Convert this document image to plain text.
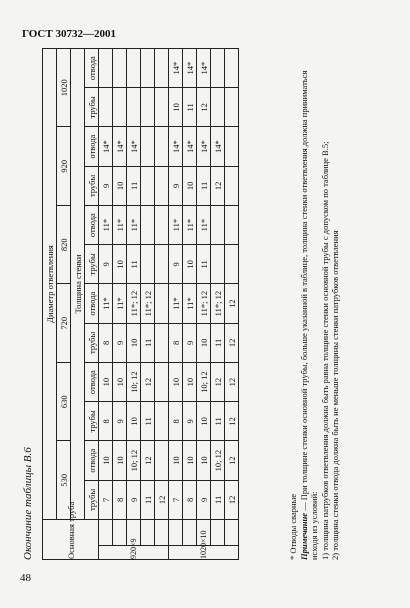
ГОСТ 30732—2001
Окончание таблицы В.6	Основная труба		Диаметр ответвления											
		530		630		720		820		920		1020	
		Толщина стенки											
		трубы	отвода	трубы	отвода	трубы	отвода	трубы	отвода	трубы	отвода	трубы	отвода
920×9		7	10	8	10	8	11*	9	11*	9	14*		
		8	10	9	10	9	11*	10	11*	10	14*		
		9	10; 12	10	10; 12	10	11*; 12	11	11*	11	14*		
		11	12	11	12	11	11*; 12						
		12											
1020×10		7	10	8	10	8	11*	9	11*	9	14*	10	14*
		8	10	9	10	9	11*	10	11*	10	14*	11	14*
		9	10	10	10; 12	10	11*; 12	11	11*	11	14*	12	14*
		11	10; 12	11	12	11	11*; 12			12	14*		
		12	12	12	12	12	12						

* Отводы сварные Примечание — При толщине стенки основной трубы, больше указанной в таблице, толщина стенки ответвления должна приниматься исходя из условий: 1) толщина патрубков ответвления должна быть равна толщине стенки основной трубы с допуском по таблице В.5; 2) толщина стенки отвода должна быть не меньше толщины стенки патрубков ответвления

48
